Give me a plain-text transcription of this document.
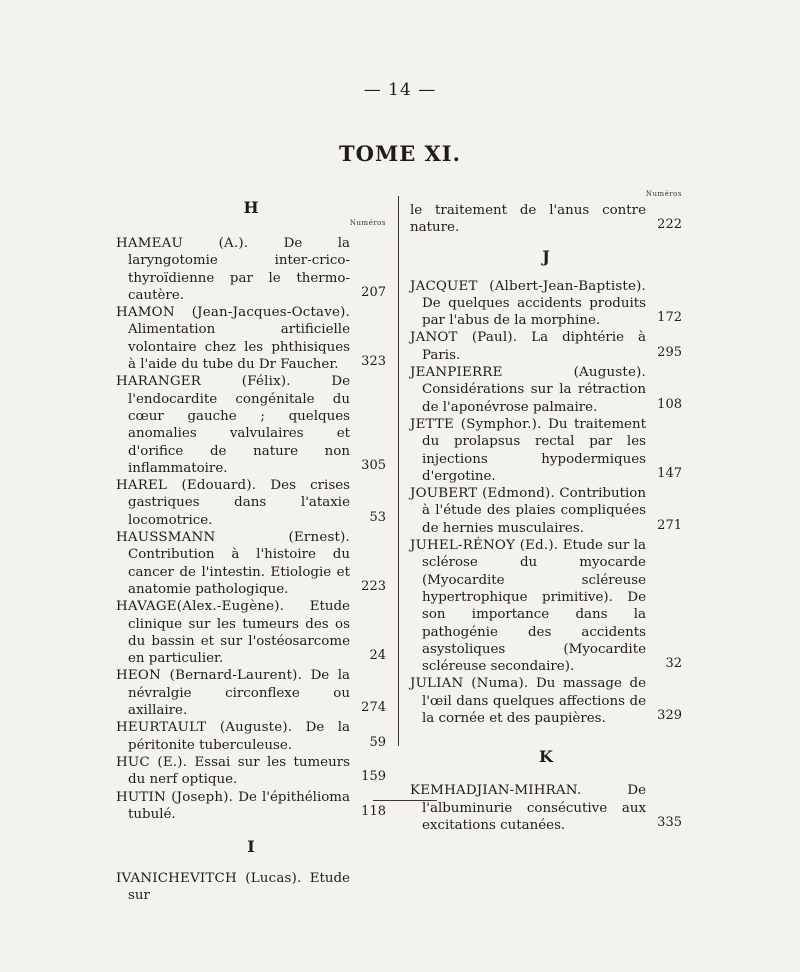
— 14 —
TOME XI.
H
Numéros
HAMEAU (A.). De la laryngotomie inter-crico-thyroïdienne par le thermo-cautère.	207
HAMON (Jean-Jacques-Octave). Alimentation artificielle volontaire chez les phthisiques à l'aide du tube du Dr Faucher. 323
HARANGER (Félix). De l'endocardite congénitale du cœur gauche ; quelques anomalies valvulaires et d'orifice de nature non inflammatoire.	305
HAREL (Edouard). Des crises gastriques dans l'ataxie locomotrice.	53
HAUSSMANN (Ernest). Contribution à l'histoire du cancer de l'intestin. Etiologie et anatomie pathologique.	223
HAVAGE(Alex.-Eugène). Etude clinique sur les tumeurs des os du bassin et sur l'ostéosarcome en particulier.	24
HEON (Bernard-Laurent). De la névralgie circonflexe ou axillaire.	274
HEURTAULT (Auguste). De la péritonite tuberculeuse.	59
HUC (E.). Essai sur les tumeurs du nerf optique.	159
HUTIN (Joseph). De l'épithélioma tubulé.	118
I
IVANICHEVITCH (Lucas). Etude sur
Numéros
le traitement de l'anus contre nature.	222
J
JACQUET (Albert-Jean-Baptiste). De quelques accidents produits par l'abus de la morphine.	172
JANOT (Paul). La diphtérie à Paris.	295
JEANPIERRE (Auguste). Considérations sur la rétraction de l'aponévrose palmaire.	108
JETTE (Symphor.). Du traitement du prolapsus rectal par les injections hypodermiques d'ergotine.	147
JOUBERT (Edmond). Contribution à l'étude des plaies compliquées de hernies musculaires.	271
JUHEL-RÉNOY (Ed.). Etude sur la sclérose du myocarde (Myocardite scléreuse hypertrophique primitive). De son importance dans la pathogénie des accidents asystoliques (Myocardite scléreuse secondaire).	32
JULIAN (Numa). Du massage de l'œil dans quelques affections de la cornée et des paupières.	329
K
KEMHADJIAN-MIHRAN. De l'albuminurie consécutive aux excitations cutanées.	335
